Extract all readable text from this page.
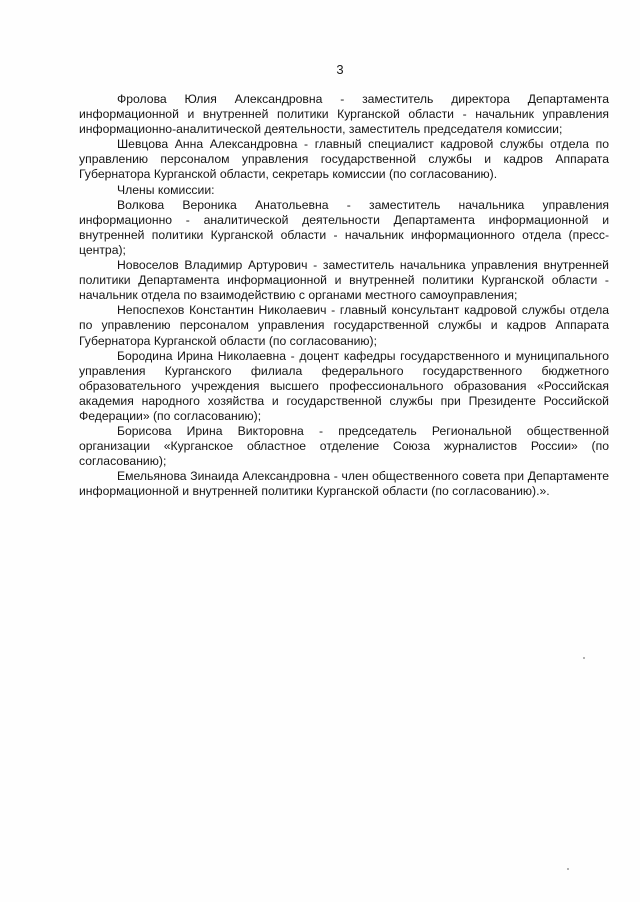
3

Фролова Юлия Александровна - заместитель директора Департамента информационной и внутренней политики Курганской области - начальник управления информационно-аналитической деятельности, заместитель председателя комиссии;

Шевцова Анна Александровна - главный специалист кадровой службы отдела по управлению персоналом управления государственной службы и кадров Аппарата Губернатора Курганской области, секретарь комиссии (по согласованию).

Члены комиссии:

Волкова Вероника Анатольевна - заместитель начальника управления информационно - аналитической деятельности Департамента информационной и внутренней политики Курганской области - начальник информационного отдела (пресс-центра);

Новоселов Владимир Артурович - заместитель начальника управления внутренней политики Департамента информационной и внутренней политики Курганской области - начальник отдела по взаимодействию с органами местного самоуправления;

Непоспехов Константин Николаевич - главный консультант кадровой службы отдела по управлению персоналом управления государственной службы и кадров Аппарата Губернатора Курганской области (по согласованию);

Бородина Ирина Николаевна - доцент кафедры государственного и муниципального управления Курганского филиала федерального государственного бюджетного образовательного учреждения высшего профессионального образования «Российская академия народного хозяйства и государственной службы при Президенте Российской Федерации» (по согласованию);

Борисова Ирина Викторовна - председатель Региональной общественной организации «Курганское областное отделение Союза журналистов России» (по согласованию);

Емельянова Зинаида Александровна - член общественного совета при Департаменте информационной и внутренней политики Курганской области (по согласованию).».
